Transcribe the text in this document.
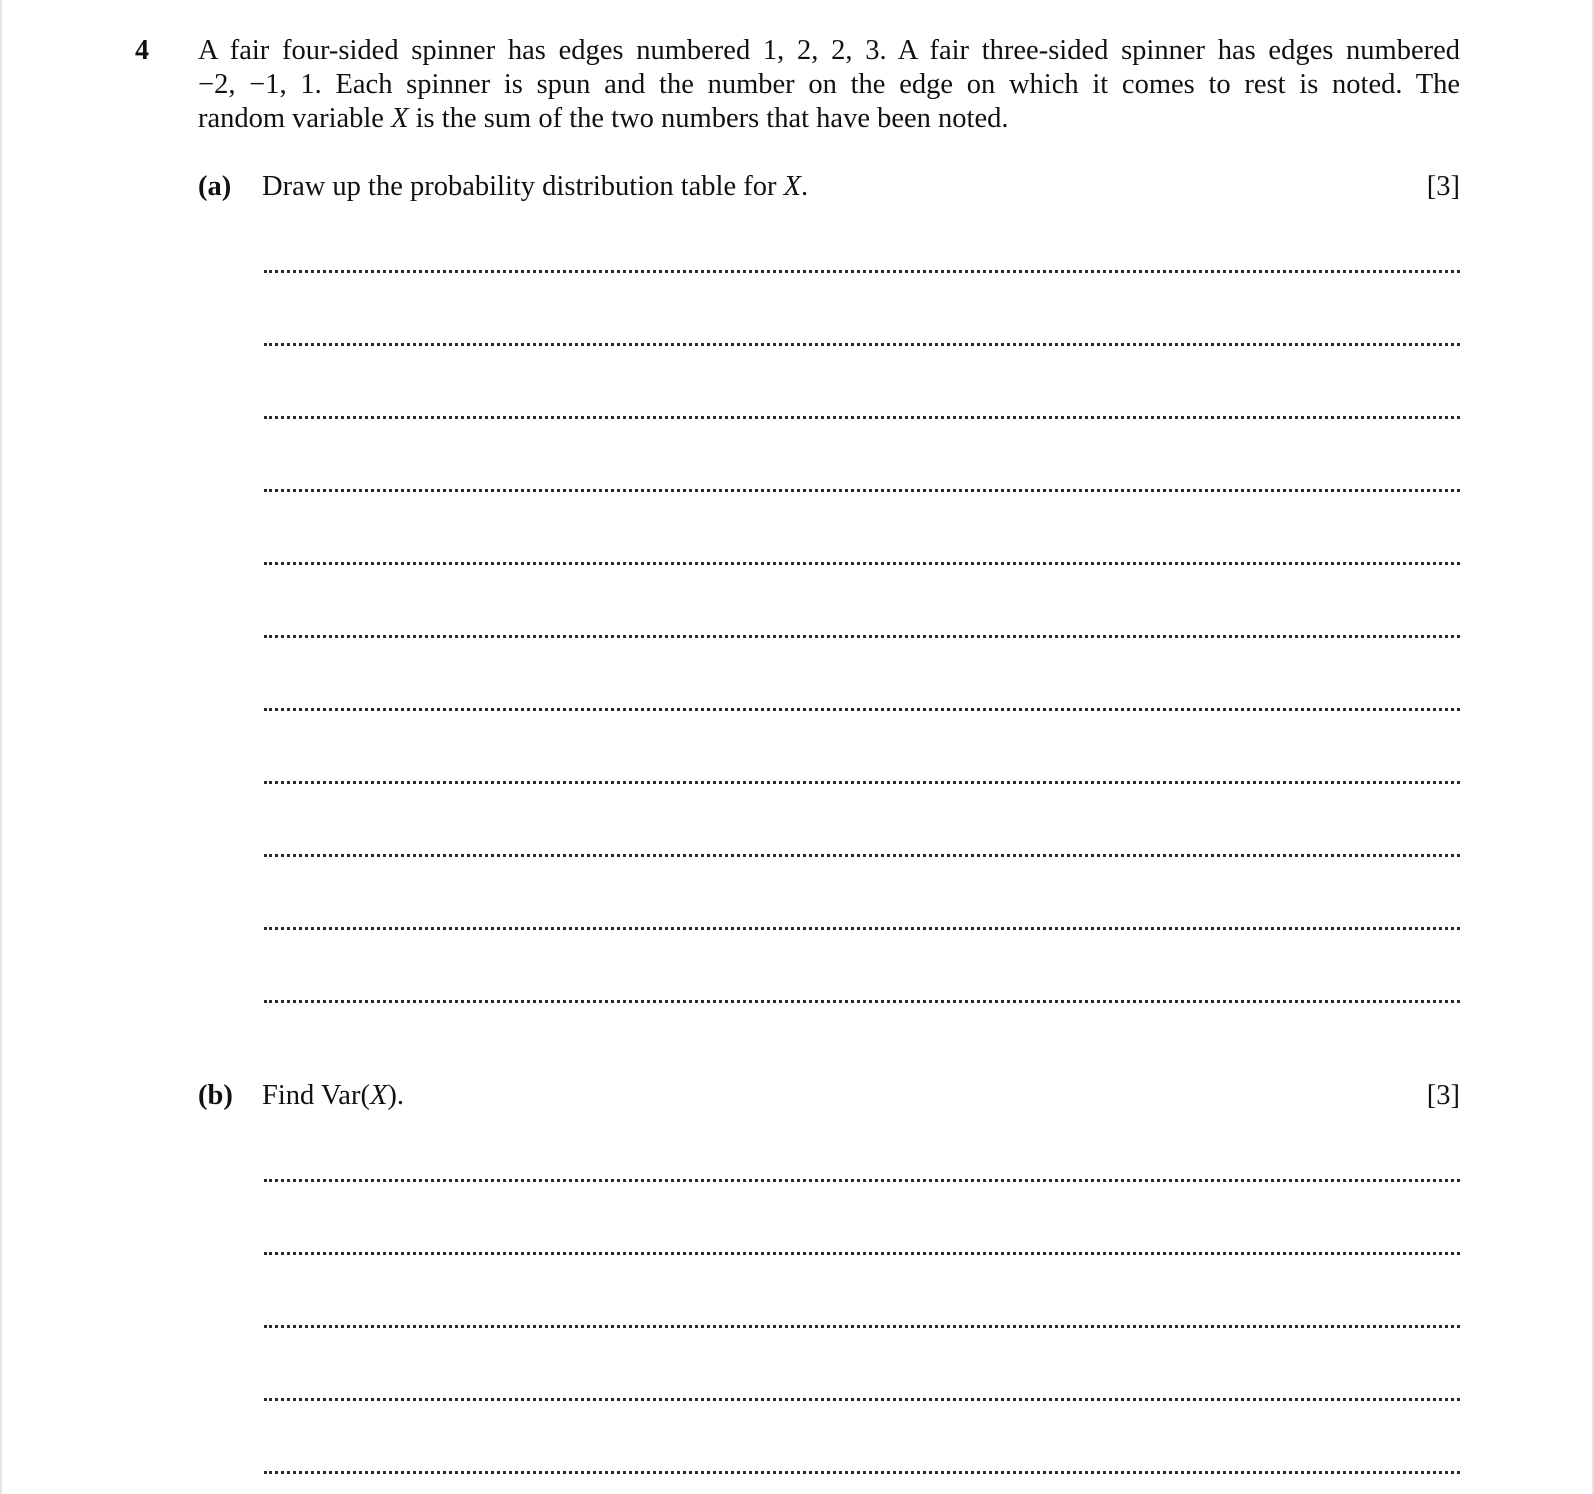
4 A fair four-sided spinner has edges numbered 1, 2, 2, 3. A fair three-sided spinner has edges numbered
−2, −1, 1. Each spinner is spun and the number on the edge on which it comes to rest is noted. The
random variable X is the sum of the two numbers that have been noted.
(a) Draw up the probability distribution table for X.	[3]
(b) Find Var(X).	[3]
